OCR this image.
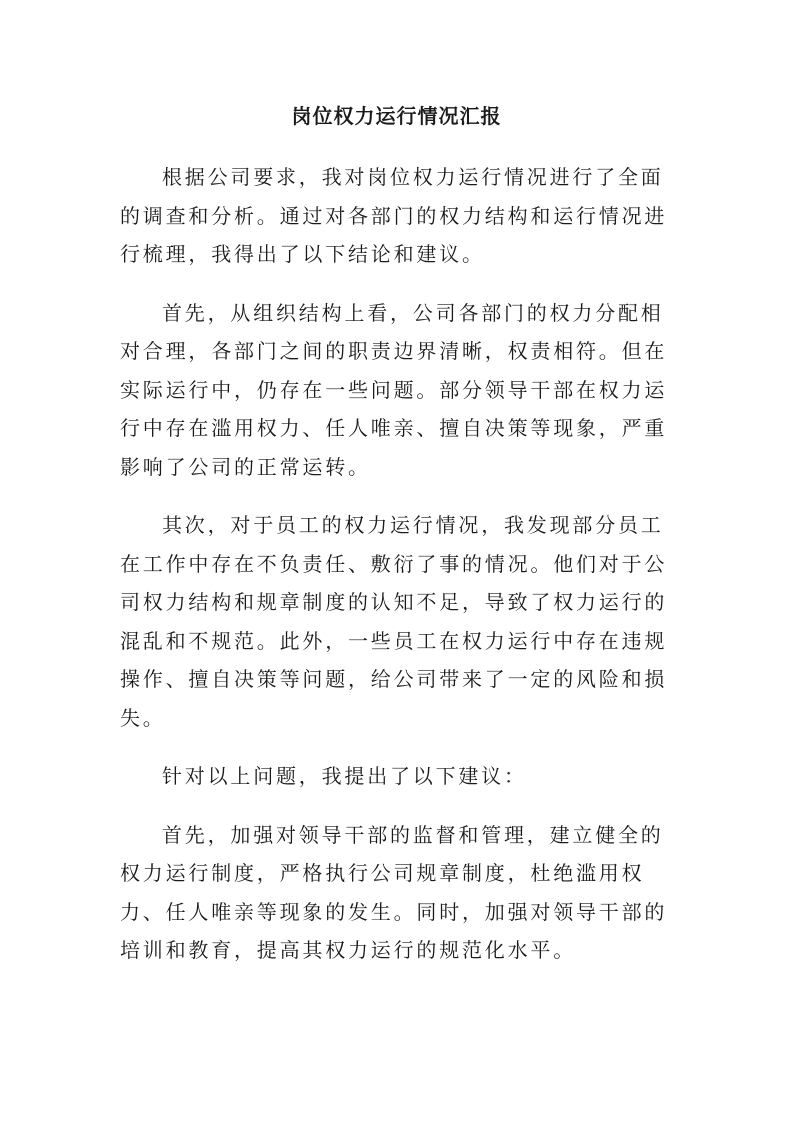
岗位权力运行情况汇报

根据公司要求，我对岗位权力运行情况进行了全面的调查和分析。通过对各部门的权力结构和运行情况进行梳理，我得出了以下结论和建议。

首先，从组织结构上看，公司各部门的权力分配相对合理，各部门之间的职责边界清晰，权责相符。但在实际运行中，仍存在一些问题。部分领导干部在权力运行中存在滥用权力、任人唯亲、擅自决策等现象，严重影响了公司的正常运转。

其次，对于员工的权力运行情况，我发现部分员工在工作中存在不负责任、敷衍了事的情况。他们对于公司权力结构和规章制度的认知不足，导致了权力运行的混乱和不规范。此外，一些员工在权力运行中存在违规操作、擅自决策等问题，给公司带来了一定的风险和损失。

针对以上问题，我提出了以下建议：

首先，加强对领导干部的监督和管理，建立健全的权力运行制度，严格执行公司规章制度，杜绝滥用权力、任人唯亲等现象的发生。同时，加强对领导干部的培训和教育，提高其权力运行的规范化水平。
